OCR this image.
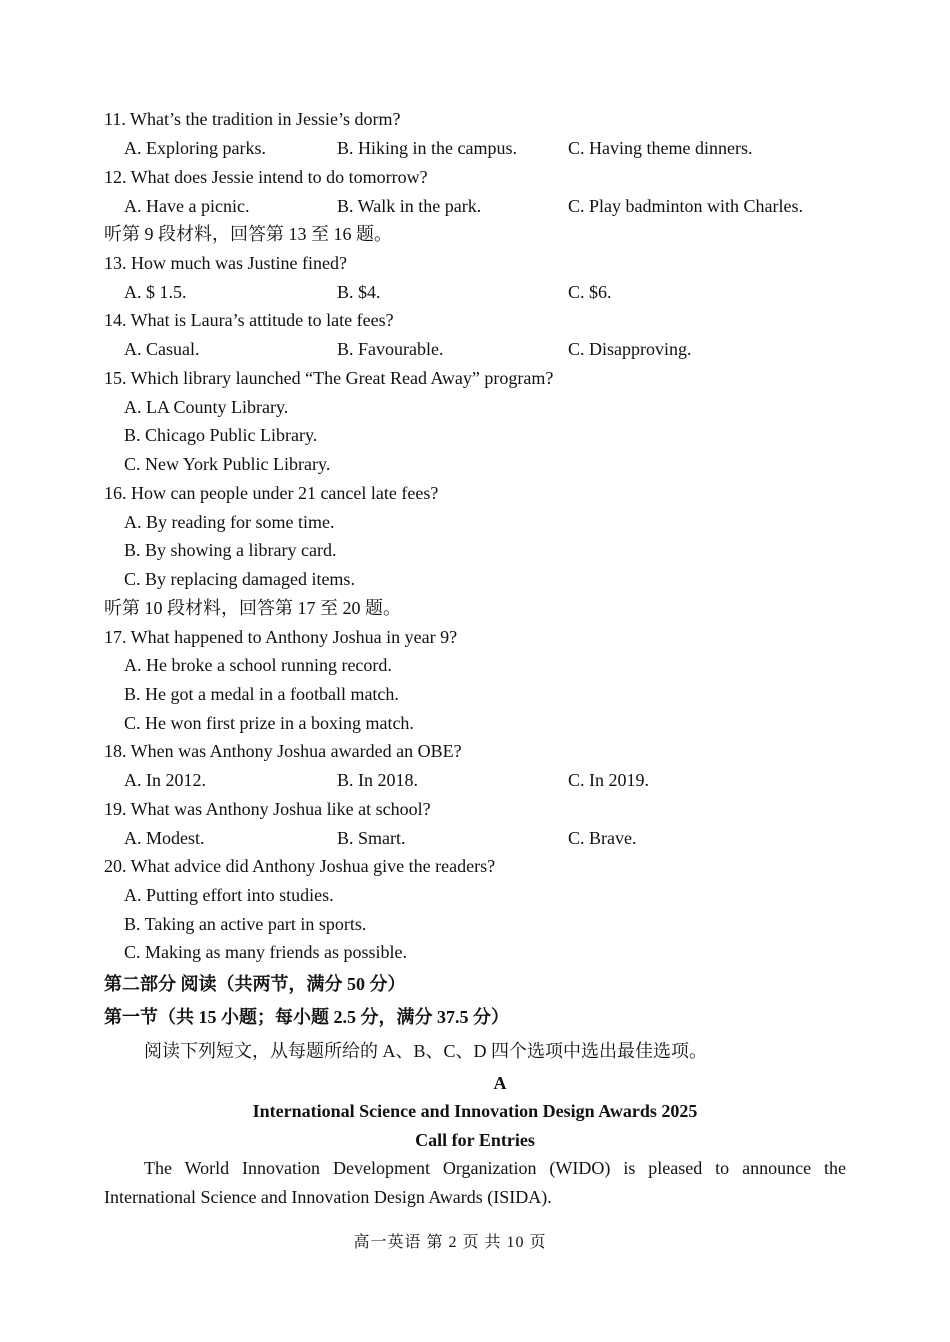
11. What’s the tradition in Jessie’s dorm?
A. Exploring parks.	B. Hiking in the campus.	C. Having theme dinners.
12. What does Jessie intend to do tomorrow?
A. Have a picnic.	B. Walk in the park.	C. Play badminton with Charles.
听第 9 段材料，回答第 13 至 16 题。
13. How much was Justine fined?
A. $ 1.5.	B. $4.	C. $6.
14. What is Laura’s attitude to late fees?
A. Casual.	B. Favourable.	C. Disapproving.
15. Which library launched “The Great Read Away” program?
A. LA County Library.
B. Chicago Public Library.
C. New York Public Library.
16. How can people under 21 cancel late fees?
A. By reading for some time.
B. By showing a library card.
C. By replacing damaged items.
听第 10 段材料，回答第 17 至 20 题。
17. What happened to Anthony Joshua in year 9?
A. He broke a school running record.
B. He got a medal in a football match.
C. He won first prize in a boxing match.
18. When was Anthony Joshua awarded an OBE?
A. In 2012.	B. In 2018.	C. In 2019.
19. What was Anthony Joshua like at school?
A. Modest.	B. Smart.	C. Brave.
20. What advice did Anthony Joshua give the readers?
A. Putting effort into studies.
B. Taking an active part in sports.
C. Making as many friends as possible.
第二部分 阅读（共两节，满分 50 分）
第一节（共 15 小题；每小题 2.5 分，满分 37.5 分）
阅读下列短文，从每题所给的 A、B、C、D 四个选项中选出最佳选项。
A
International Science and Innovation Design Awards 2025
Call for Entries
The World Innovation Development Organization (WIDO) is pleased to announce the International Science and Innovation Design Awards (ISIDA).
高一英语 第 2 页 共 10 页
